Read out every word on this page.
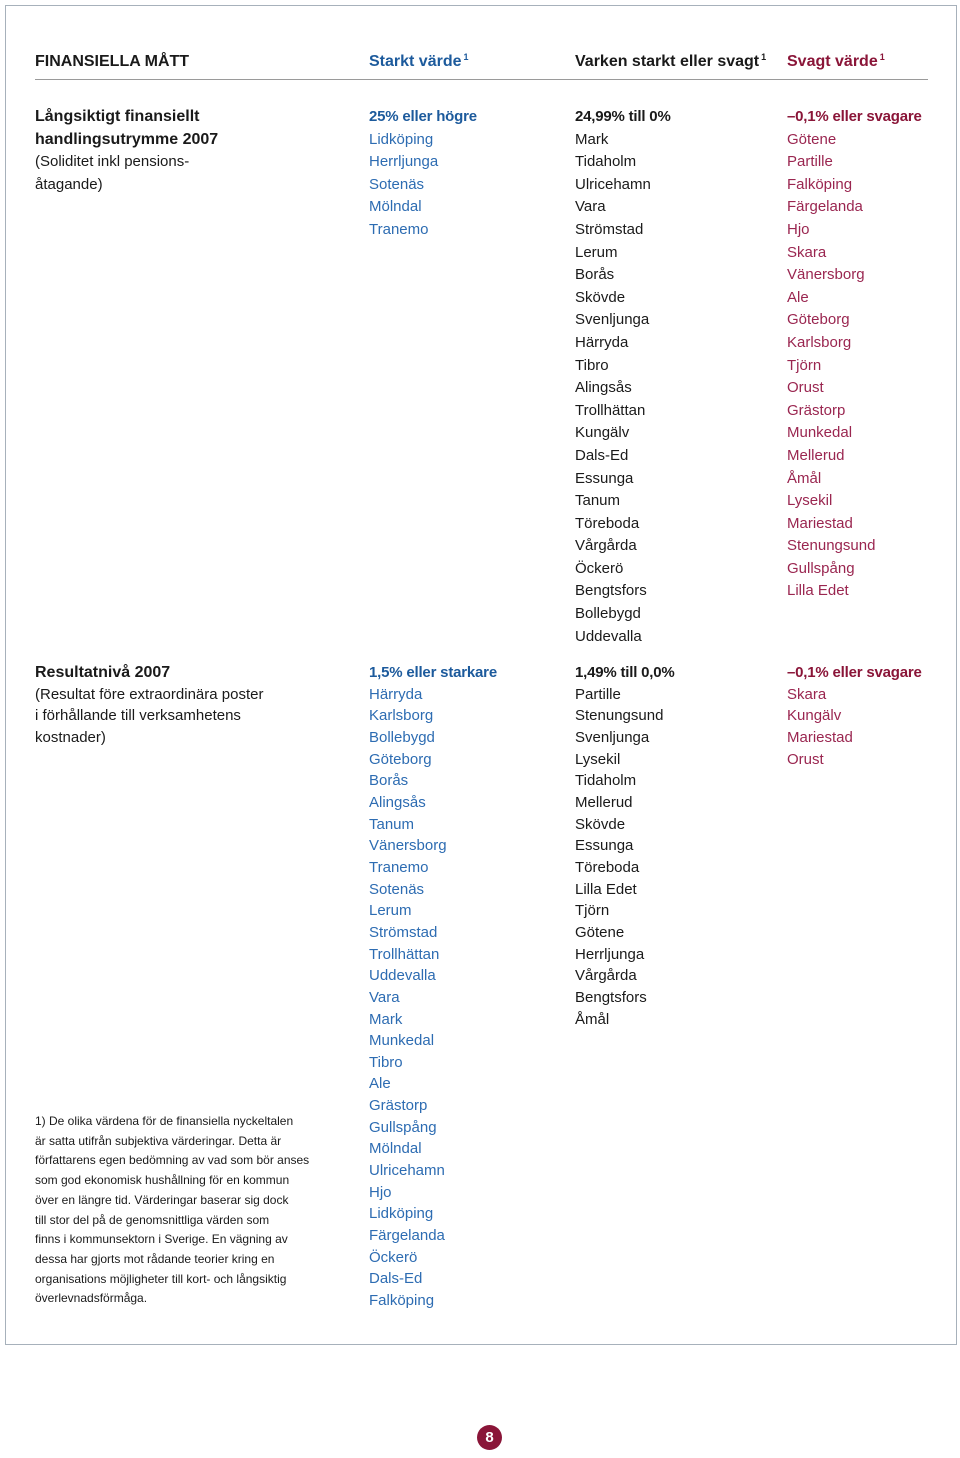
FINANSIELLA MÅTT	Starkt värde $^1$	Varken starkt eller svagt $^1$ Svagt värde $^1$
Långsiktigt finansiellt
handlingsutrymme 2007
(Soliditet inkl pensions-
åtagande)
25% eller högre
Lidköping
Herrljunga
Sotenäs
Mölndal
Tranemo
24,99% till 0%
Mark
Tidaholm
Ulricehamn
Vara
Strömstad
Lerum
Borås
Skövde
Svenljunga
Härryda
Tibro
Alingsås
Trollhättan
Kungälv
Dals-Ed
Essunga
Tanum
Töreboda
Vårgårda
Öckerö
Bengtsfors
Bollebygd
Uddevalla
–0,1% eller svagare
Götene
Partille
Falköping
Färgelanda
Hjo
Skara
Vänersborg
Ale
Göteborg
Karlsborg
Tjörn
Orust
Grästorp
Munkedal
Mellerud
Åmål
Lysekil
Mariestad
Stenungsund
Gullspång
Lilla Edet
Resultatnivå 2007
(Resultat före extraordinära poster
i förhållande till verksamhetens
kostnader)
1,5% eller starkare
Härryda
Karlsborg
Bollebygd
Göteborg
Borås
Alingsås
Tanum
Vänersborg
Tranemo
Sotenäs
Lerum
Strömstad
Trollhättan
Uddevalla
Vara
Mark
Munkedal
Tibro
Ale
Grästorp
Gullspång
Mölndal
Ulricehamn
Hjo
Lidköping
Färgelanda
Öckerö
Dals-Ed
Falköping
1,49% till 0,0%
Partille
Stenungsund
Svenljunga
Lysekil
Tidaholm
Mellerud
Skövde
Essunga
Töreboda
Lilla Edet
Tjörn
Götene
Herrljunga
Vårgårda
Bengtsfors
Åmål
–0,1% eller svagare
Skara
Kungälv
Mariestad
Orust
1) De olika värdena för de finansiella nyckeltalen
är satta utifrån subjektiva värderingar. Detta är
författarens egen bedömning av vad som bör anses
som god ekonomisk hushållning för en kommun
över en längre tid. Värderingar baserar sig dock
till stor del på de genomsnittliga värden som
finns i kommunsektorn i Sverige. En vägning av
dessa har gjorts mot rådande teorier kring en
organisations möjligheter till kort- och långsiktig
överlevnadsförmåga.
8
